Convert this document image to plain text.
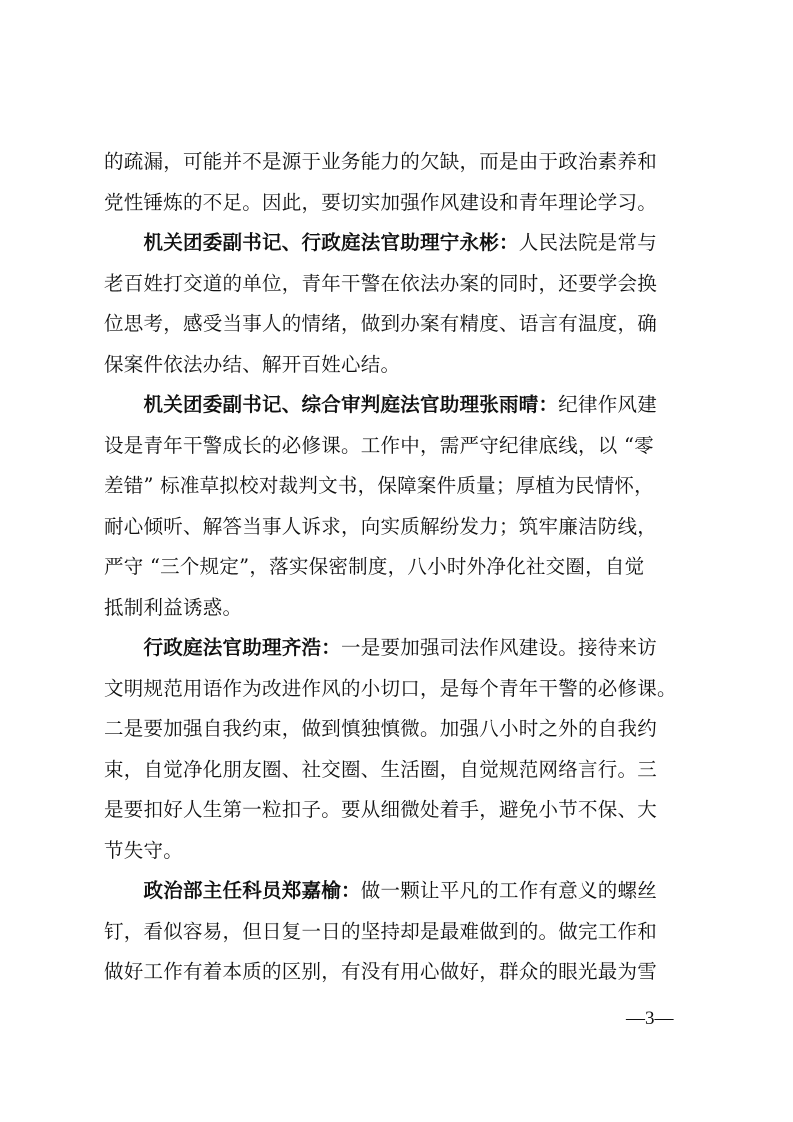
的疏漏，可能并不是源于业务能力的欠缺，而是由于政治素养和
党性锤炼的不足。因此，要切实加强作风建设和青年理论学习。
　　机关团委副书记、行政庭法官助理宁永彬：人民法院是常与
老百姓打交道的单位，青年干警在依法办案的同时，还要学会换
位思考，感受当事人的情绪，做到办案有精度、语言有温度，确
保案件依法办结、解开百姓心结。
　　机关团委副书记、综合审判庭法官助理张雨晴：纪律作风建
设是青年干警成长的必修课。工作中，需严守纪律底线，以 “零
差错” 标准草拟校对裁判文书，保障案件质量；厚植为民情怀，
耐心倾听、解答当事人诉求，向实质解纷发力；筑牢廉洁防线，
严守 “三个规定”，落实保密制度，八小时外净化社交圈，自觉
抵制利益诱惑。
　　行政庭法官助理齐浩：一是要加强司法作风建设。接待来访
文明规范用语作为改进作风的小切口，是每个青年干警的必修课。
二是要加强自我约束，做到慎独慎微。加强八小时之外的自我约
束，自觉净化朋友圈、社交圈、生活圈，自觉规范网络言行。三
是要扣好人生第一粒扣子。要从细微处着手，避免小节不保、大
节失守。
　　政治部主任科员郑嘉榆：做一颗让平凡的工作有意义的螺丝
钉，看似容易，但日复一日的坚持却是最难做到的。做完工作和
做好工作有着本质的区别，有没有用心做好，群众的眼光最为雪
—3—
